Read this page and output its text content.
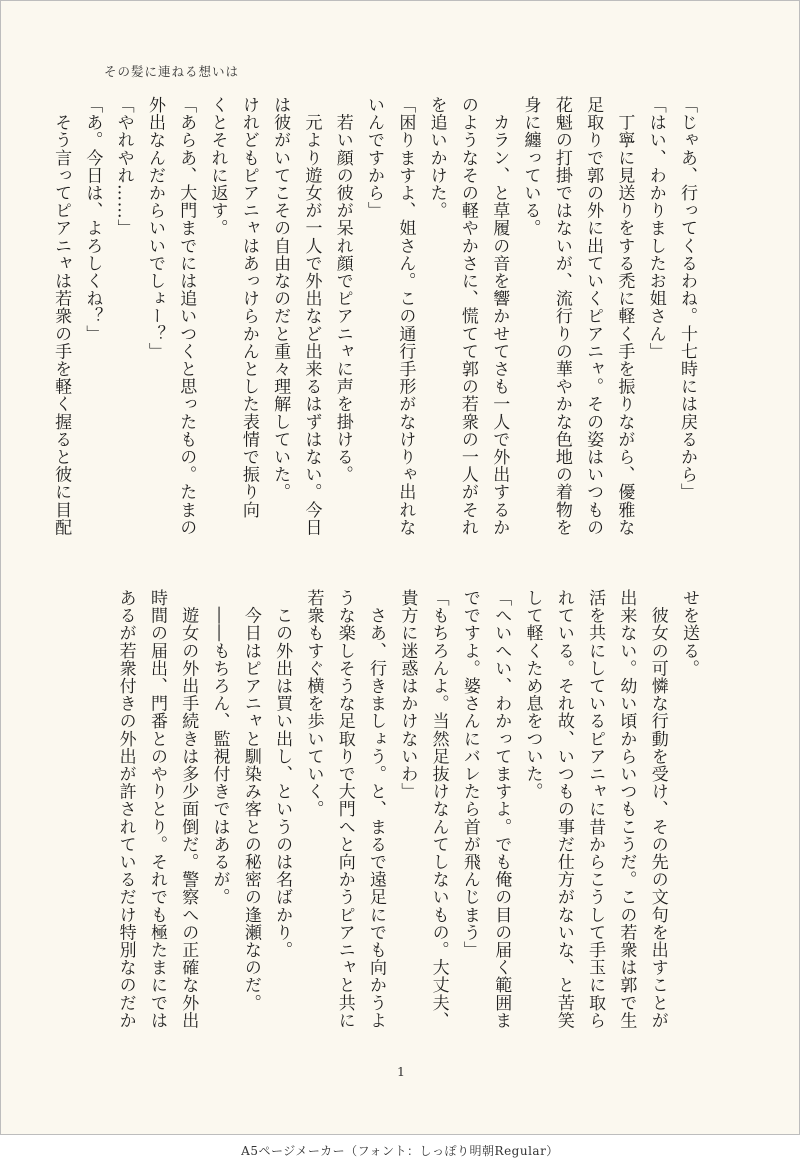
その髪に連ねる想いは

「じゃあ、行ってくるわね。十七時には戻るから」

「はい、わかりましたお姐さん」

　丁寧に見送りをする禿に軽く手を振りながら、優雅な

足取りで郭の外に出ていくピアニャ。その姿はいつもの

花魁の打掛ではないが、流行りの華やかな色地の着物を

身に纏っている。

　カラン、と草履の音を響かせてさも一人で外出するか

のようなその軽やかさに、慌てて郭の若衆の一人がそれ

を追いかけた。

「困りますよ、姐さん。この通行手形がなけりゃ出れな

いんですから」

　若い顔の彼が呆れ顔でピアニャに声を掛ける。

　元より遊女が一人で外出など出来るはずはない。今日

は彼がいてこその自由なのだと重々理解していた。

けれどもピアニャはあっけらかんとした表情で振り向

くとそれに返す。

「あらあ、大門までには追いつくと思ったもの。たまの

外出なんだからいいでしょー？」

「やれやれ……」

「あ。今日は、よろしくね？」

　そう言ってピアニャは若衆の手を軽く握ると彼に目配

せを送る。

　彼女の可憐な行動を受け、その先の文句を出すことが

出来ない。幼い頃からいつもこうだ。この若衆は郭で生

活を共にしているピアニャに昔からこうして手玉に取ら

れている。それ故、いつもの事だ仕方がないな、と苦笑

して軽くため息をついた。

「へいへい、わかってますよ。でも俺の目の届く範囲ま

でですよ。婆さんにバレたら首が飛んじまう」

「もちろんよ。当然足抜けなんてしないもの。大丈夫、

貴方に迷惑はかけないわ」

　さあ、行きましょう。と、まるで遠足にでも向かうよ

うな楽しそうな足取りで大門へと向かうピアニャと共に

若衆もすぐ横を歩いていく。

　この外出は買い出し、というのは名ばかり。

　今日はピアニャと馴染み客との秘密の逢瀬なのだ。

　――もちろん、監視付きではあるが。

　遊女の外出手続きは多少面倒だ。警察への正確な外出

時間の届出、門番とのやりとり。それでも極たまにでは

あるが若衆付きの外出が許されているだけ特別なのだか

1
A5ページメーカー（フォント：しっぽり明朝Regular）
